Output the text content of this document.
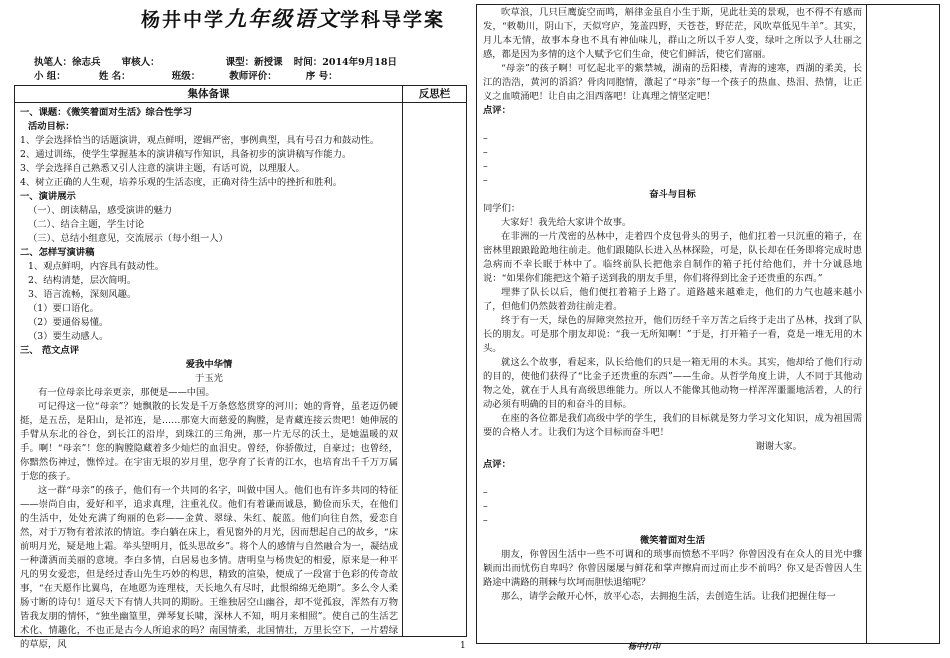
杨井中学九年级语文学科导学案
执笔人：徐志兵 审核人：	课型：新授课 时间：2014年9月18日
小 组：	姓 名：	班级：	教师评价：	序 号：
集体备课	反思栏
一、课题：《微笑着面对生活》综合性学习
活动目标：
1、学会选择恰当的话题演讲，观点鲜明，逻辑严密，事例典型，具有号召力和鼓动性。
2、通过训练，使学生掌握基本的演讲稿写作知识，具备初步的演讲稿写作能力。
3、学会选择自己熟悉又引人注意的演讲主题，有话可说，以理服人。
4、树立正确的人生观，培养乐观的生活态度，正确对待生活中的挫折和胜利。
一、演讲展示
（一）、朗读精品，感受演讲的魅力
（二）、结合主题，学生讨论
（三）、总结小组意见，交流展示（每小组一人）
二、怎样写演讲稿
1、观点鲜明，内容具有鼓动性。
2、结构清楚，层次简明。
3、语言流畅，深刻风趣。
（1）要口语化。
（2）要通俗易懂。
（3）要生动感人。
三、 范文点评
爱我中华情
于玉光
有一位母亲比母亲更亲，那便是——中国。
可记得这一位“母亲”？她飘散的长发是千万条悠悠贯穿的河川；她的背脊，虽老迈仍硬挺，是五岳，是阳山，是祁连，是……那宽大而慈爱的胸膛，是青藏连接云贵吧！她伸展的手臂从东北的谷仓，到长江的沿岸，到珠江的三角洲，那一片无尽的沃土，是她温暖的双手。啊！“母亲”！您的胸膛隐藏着多少灿烂的血泪史。曾经，你骄傲过，自豪过；也曾经，你黯然伤神过，憔悴过。在宇宙无垠的岁月里，您孕育了长青的江水，也培育出千千万万属于您的孩子。
这一群“母亲”的孩子，他们有一个共同的名字，叫做中国人。他们也有许多共同的特征——崇尚自由，爱好和平，追求真理，注重礼仪。他们有着谦而诚恳，勤俭而乐天，在他们的生活中，处处充满了绚丽的色彩——金黄、翠绿、朱红、靛蓝。他们向往自然，爱恋自然，对于万物有着浓浓的情谊。李白躺在床上，看见窗外的月光，因而想起自己的故乡，“床前明月光，疑是地上霜。举头望明月，低头思故乡”。将个人的感情与自然融合为一，凝结成一种潇洒而美丽的意境。李白多情，白居易也多情。唐明皇与杨贵妃的相爱，原来是一种平凡的男女爱恋，但是经过香山先生巧妙的构思，精致的渲染，便成了一段富于色彩的传奇故事，“在天愿作比翼鸟，在地愿为连理枝，天长地久有尽时，此恨绵绵无绝期”。多么令人柔肠寸断的诗句！道尽天下有情人共同的期盼。王维独居空山幽谷，却不觉孤寂，浑然有万物皆我友朋的情怀，“独坐幽篁里，弹琴复长啸，深林人不知，明月来相照”。使自己的生活艺术化、情趣化，不也正是古今人所追求的吗？南国情柔，北国情壮，万里长空下，一片碧绿的草原，风
吹草浪，几只巨鹰旋空而鸣，斛律金虽自小生于斯，见此壮美的景观，也不得不有感而发，“敕勒川，阴山下，天似穹庐，笼盖四野，天苍苍，野茫茫，风吹草低见牛羊”。其实，月儿本无情，故事本身也不具有神仙味儿，群山之所以千岁人变，绿叶之所以予人壮丽之感，都是因为多情的这个人赋予它们生命，使它们鲜活，使它们富丽。
“母亲”的孩子啊！可忆起北平的紫禁城，湖南的岳阳楼，青海的速寒，西湖的柔美，长江的浩浩，黄河的滔滔？骨肉同胞情，激起了“母亲”每一个孩子的热血、热泪、热情，让正义之血喷涌吧！让自由之泪西落吧！让真理之情坚定吧！
点评：
–
–
–
–
奋斗与目标
同学们：
大家好！我先给大家讲个故事。
在非洲的一片茂密的丛林中，走着四个皮包骨头的男子，他们扛着一只沉重的箱子，在密林里踉踉跄跄地往前走。他们跟随队长进入丛林探险，可是，队长却在任务即将完成时患急病而不幸长眠于林中了。临终前队长把他亲自制作的箱子托付给他们，并十分诚恳地说：“如果你们能把这个箱子送到我的朋友手里，你们将得到比金子还贵重的东西。”
埋葬了队长以后，他们便扛着箱子上路了。道路越来越难走，他们的力气也越来越小了，但他们仍然鼓着劲往前走着。
终于有一天，绿色的屏障突然拉开，他们历经千辛万苦之后终于走出了丛林，找到了队长的朋友。可是那个朋友却说：“我一无所知啊！”于是，打开箱子一看，竟是一堆无用的木头。
就这么个故事，看起来，队长给他们的只是一箱无用的木头。其实，他却给了他们行动的目的，使他们获得了“比金子还贵重的东西”——生命。从哲学角度上讲，人不同于其他动物之处，就在于人具有高级思维能力。所以人不能像其他动物一样浑浑噩噩地活着，人的行动必须有明确的目的和奋斗的目标。
在座的各位都是我们高级中学的学生，我们的目标就是努力学习文化知识，成为祖国需要的合格人才。让我们为这个目标而奋斗吧！
谢谢大家。
点评：
–
–
–
微笑着面对生活
朋友，你曾因生活中一些不可调和的琐事而愤愁不平吗？你曾因没有在众人的目光中骤颖而出而忧伤自卑吗？你曾因屡屡与鲜花和掌声擦肩而过而止步不前吗？你又是否曾因人生路途中满路的荆棘与坎坷而胆怯退缩呢？
那么，请学会敞开心怀，放平心态，去拥抱生活，去创造生活。让我们把握住每一
1	杨中打印
